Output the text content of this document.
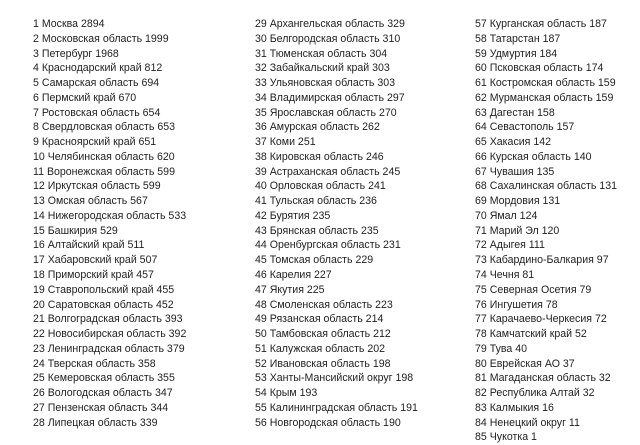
1 Москва 2894
2 Московская область 1999
3 Петербург 1968
4 Краснодарский край 812
5 Самарская область 694
6 Пермский край 670
7 Ростовская область 654
8 Свердловская область 653
9 Красноярский край 651
10 Челябинская область 620
11 Воронежская область 599
12 Иркутская область 599
13 Омская область 567
14 Нижегородская область 533
15 Башкирия 529
16 Алтайский край 511
17 Хабаровский край 507
18 Приморский край 457
19 Ставропольский край 455
20 Саратовская область 452
21 Волгоградская область 393
22 Новосибирская область 392
23 Ленинградская область 379
24 Тверская область 358
25 Кемеровская область 355
26 Вологодская область 347
27 Пензенская область 344
28 Липецкая область 339
29 Архангельская область 329
30 Белгородская область 310
31 Тюменская область 304
32 Забайкальский край 303
33 Ульяновская область 303
34 Владимирская область 297
35 Ярославская область 270
36 Амурская область 262
37 Коми 251
38 Кировская область 246
39 Астраханская область 245
40 Орловская область 241
41 Тульская область 236
42 Бурятия 235
43 Брянская область 235
44 Оренбургская область 231
45 Томская область 229
46 Карелия 227
47 Якутия 225
48 Смоленская область 223
49 Рязанская область 214
50 Тамбовская область 212
51 Калужская область 202
52 Ивановская область 198
53 Ханты-Мансийский округ 198
54 Крым 193
55 Калининградская область 191
56 Новгородская область 190
57 Курганская область 187
58 Татарстан 187
59 Удмуртия 184
60 Псковская область 174
61 Костромская область 159
62 Мурманская область 159
63 Дагестан 158
64 Севастополь 157
65 Хакасия 142
66 Курская область 140
67 Чувашия 135
68 Сахалинская область 131
69 Мордовия 131
70 Ямал 124
71 Марий Эл 120
72 Адыгея 111
73 Кабардино-Балкария 97
74 Чечня 81
75 Северная Осетия 79
76 Ингушетия 78
77 Карачаево-Черкесия 72
78 Камчатский край 52
79 Тува 40
80 Еврейская АО 37
81 Магаданская область 32
82 Республика Алтай 32
83 Калмыкия 16
84 Ненецкий округ 11
85 Чукотка 1
